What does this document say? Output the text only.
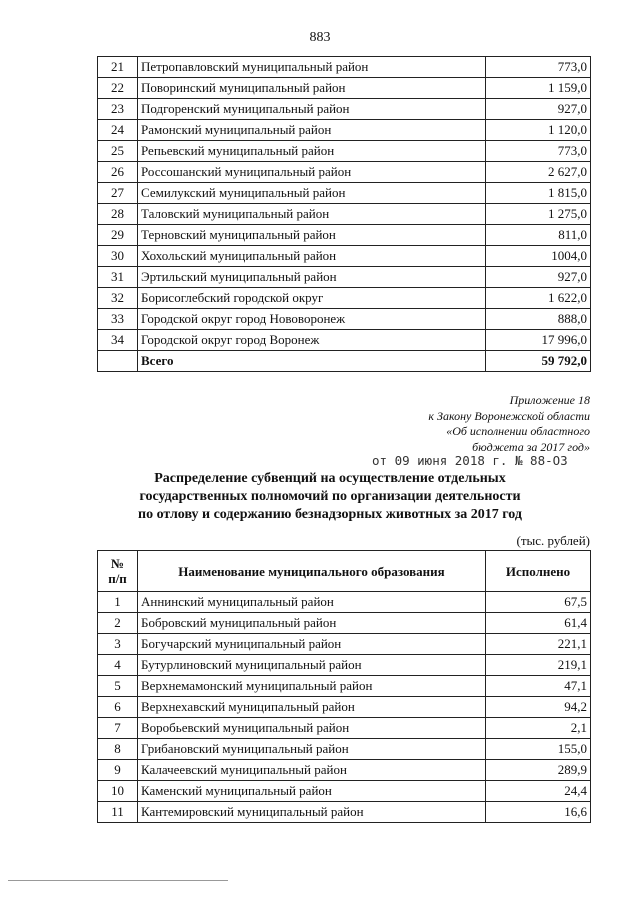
883
21	Петропавловский муниципальный район	773,0
22	Поворинский муниципальный район	1 159,0
23	Подгоренский муниципальный район	927,0
24	Рамонский муниципальный район	1 120,0
25	Репьевский муниципальный район	773,0
26	Россошанский муниципальный район	2 627,0
27	Семилукский муниципальный район	1 815,0
28	Таловский муниципальный район	1 275,0
29	Терновский муниципальный район	811,0
30	Хохольский муниципальный район	1004,0
31	Эртильский муниципальный район	927,0
32	Борисоглебский городской округ	1 622,0
33	Городской округ город Нововоронеж	888,0
34	Городской округ город Воронеж	17 996,0
	Всего	59 792,0
Приложение 18
к Закону Воронежской области
«Об исполнении областного
бюджета за 2017 год»
от 09 июня 2018 г. № 88-ОЗ
Распределение субвенций на осуществление отдельных
государственных полномочий по организации деятельности
по отлову и содержанию безнадзорных животных за 2017 год
(тыс. рублей)
№
п/п	Наименование муниципального образования	Исполнено
1	Аннинский муниципальный район	67,5
2	Бобровский муниципальный район	61,4
3	Богучарский муниципальный район	221,1
4	Бутурлиновский муниципальный район	219,1
5	Верхнемамонский муниципальный район	47,1
6	Верхнехавский муниципальный район	94,2
7	Воробьевский муниципальный район	2,1
8	Грибановский муниципальный район	155,0
9	Калачеевский муниципальный район	289,9
10	Каменский муниципальный район	24,4
11	Кантемировский муниципальный район	16,6
